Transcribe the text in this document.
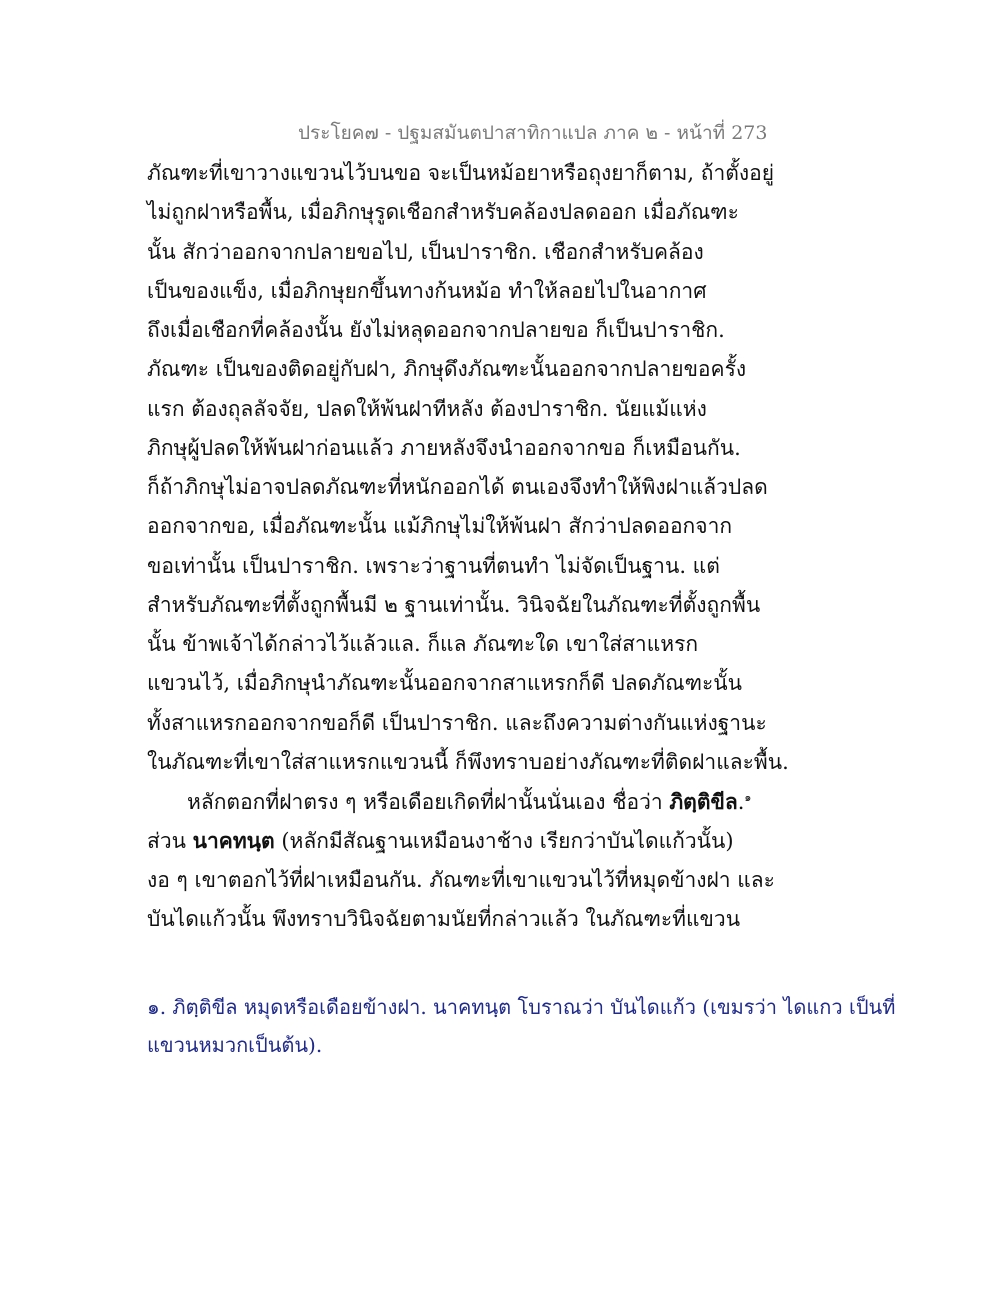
ประโยค๗ - ปฐมสมันตปาสาทิกาแปล ภาค ๒ - หน้าที่ 273
ภัณฑะที่เขาวางแขวนไว้บนขอ จะเป็นหม้อยาหรือถุงยาก็ตาม, ถ้าตั้งอยู่
ไม่ถูกฝาหรือพื้น, เมื่อภิกษุรูดเชือกสำหรับคล้องปลดออก เมื่อภัณฑะ
นั้น สักว่าออกจากปลายขอไป, เป็นปาราชิก. เชือกสำหรับคล้อง
เป็นของแข็ง, เมื่อภิกษุยกขึ้นทางก้นหม้อ ทำให้ลอยไปในอากาศ
ถึงเมื่อเชือกที่คล้องนั้น ยังไม่หลุดออกจากปลายขอ ก็เป็นปาราชิก.
ภัณฑะ เป็นของติดอยู่กับฝา, ภิกษุดึงภัณฑะนั้นออกจากปลายขอครั้ง
แรก ต้องถุลลัจจัย, ปลดให้พ้นฝาทีหลัง ต้องปาราชิก. นัยแม้แห่ง
ภิกษุผู้ปลดให้พ้นฝาก่อนแล้ว ภายหลังจึงนำออกจากขอ ก็เหมือนกัน.
ก็ถ้าภิกษุไม่อาจปลดภัณฑะที่หนักออกได้ ตนเองจึงทำให้พิงฝาแล้วปลด
ออกจากขอ, เมื่อภัณฑะนั้น แม้ภิกษุไม่ให้พ้นฝา สักว่าปลดออกจาก
ขอเท่านั้น เป็นปาราชิก. เพราะว่าฐานที่ตนทำ ไม่จัดเป็นฐาน. แต่
สำหรับภัณฑะที่ตั้งถูกพื้นมี ๒ ฐานเท่านั้น. วินิจฉัยในภัณฑะที่ตั้งถูกพื้น
นั้น ข้าพเจ้าได้กล่าวไว้แล้วแล. ก็แล ภัณฑะใด เขาใส่สาแหรก
แขวนไว้, เมื่อภิกษุนำภัณฑะนั้นออกจากสาแหรกก็ดี ปลดภัณฑะนั้น
ทั้งสาแหรกออกจากขอก็ดี เป็นปาราชิก. และถึงความต่างกันแห่งฐานะ
ในภัณฑะที่เขาใส่สาแหรกแขวนนี้ ก็พึงทราบอย่างภัณฑะที่ติดฝาและพื้น.
หลักตอกที่ฝาตรง ๆ หรือเดือยเกิดที่ฝานั้นนั่นเอง ชื่อว่า ภิตฺติขีล.$^๑$
ส่วน นาคทนฺต (หลักมีสัณฐานเหมือนงาช้าง เรียกว่าบันไดแก้วนั้น)
งอ ๆ เขาตอกไว้ที่ฝาเหมือนกัน. ภัณฑะที่เขาแขวนไว้ที่หมุดข้างฝา และ
บันไดแก้วนั้น พึงทราบวินิจฉัยตามนัยที่กล่าวแล้ว ในภัณฑะที่แขวน
๑. ภิตฺติขีล หมุดหรือเดือยข้างฝา. นาคทนฺต โบราณว่า บันไดแก้ว (เขมรว่า ไดแกว เป็นที่
แขวนหมวกเป็นต้น).
